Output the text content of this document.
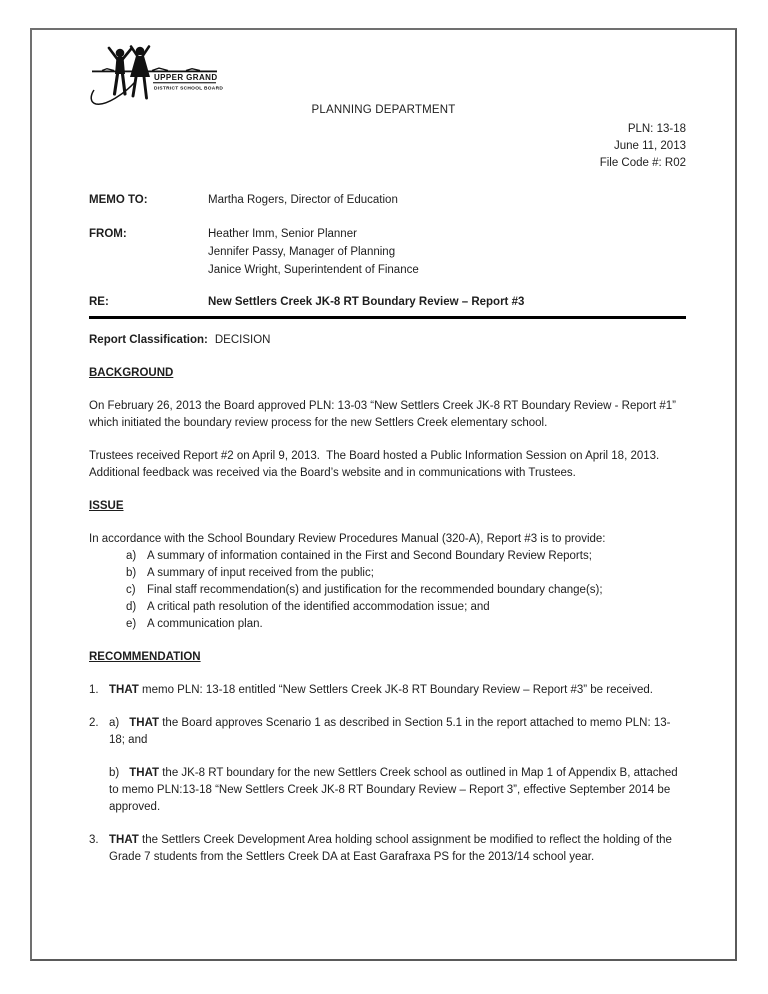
UPPER GRAND
DISTRICT SCHOOL BOARD
PLANNING DEPARTMENT
PLN: 13-18
June 11, 2013
File Code #: R02
MEMO TO:	Martha Rogers, Director of Education
FROM:	Heather Imm, Senior Planner
Jennifer Passy, Manager of Planning
Janice Wright, Superintendent of Finance
RE:	New Settlers Creek JK-8 RT Boundary Review – Report #3
Report Classification: DECISION
BACKGROUND
On February 26, 2013 the Board approved PLN: 13-03 “New Settlers Creek JK-8 RT Boundary Review - Report #1” which initiated the boundary review process for the new Settlers Creek elementary school.
Trustees received Report #2 on April 9, 2013.  The Board hosted a Public Information Session on April 18, 2013.  Additional feedback was received via the Board’s website and in communications with Trustees.
ISSUE
In accordance with the School Boundary Review Procedures Manual (320-A), Report #3 is to provide:
a) A summary of information contained in the First and Second Boundary Review Reports;
b) A summary of input received from the public;
c) Final staff recommendation(s) and justification for the recommended boundary change(s);
d) A critical path resolution of the identified accommodation issue; and
e) A communication plan.
RECOMMENDATION
1. THAT memo PLN: 13-18 entitled “New Settlers Creek JK-8 RT Boundary Review – Report #3” be received.
2. a) THAT the Board approves Scenario 1 as described in Section 5.1 in the report attached to memo PLN: 13-18; and
b) THAT the JK-8 RT boundary for the new Settlers Creek school as outlined in Map 1 of Appendix B, attached to memo PLN:13-18 “New Settlers Creek JK-8 RT Boundary Review – Report 3”, effective September 2014 be approved.
3. THAT the Settlers Creek Development Area holding school assignment be modified to reflect the holding of the Grade 7 students from the Settlers Creek DA at East Garafraxa PS for the 2013/14 school year.
